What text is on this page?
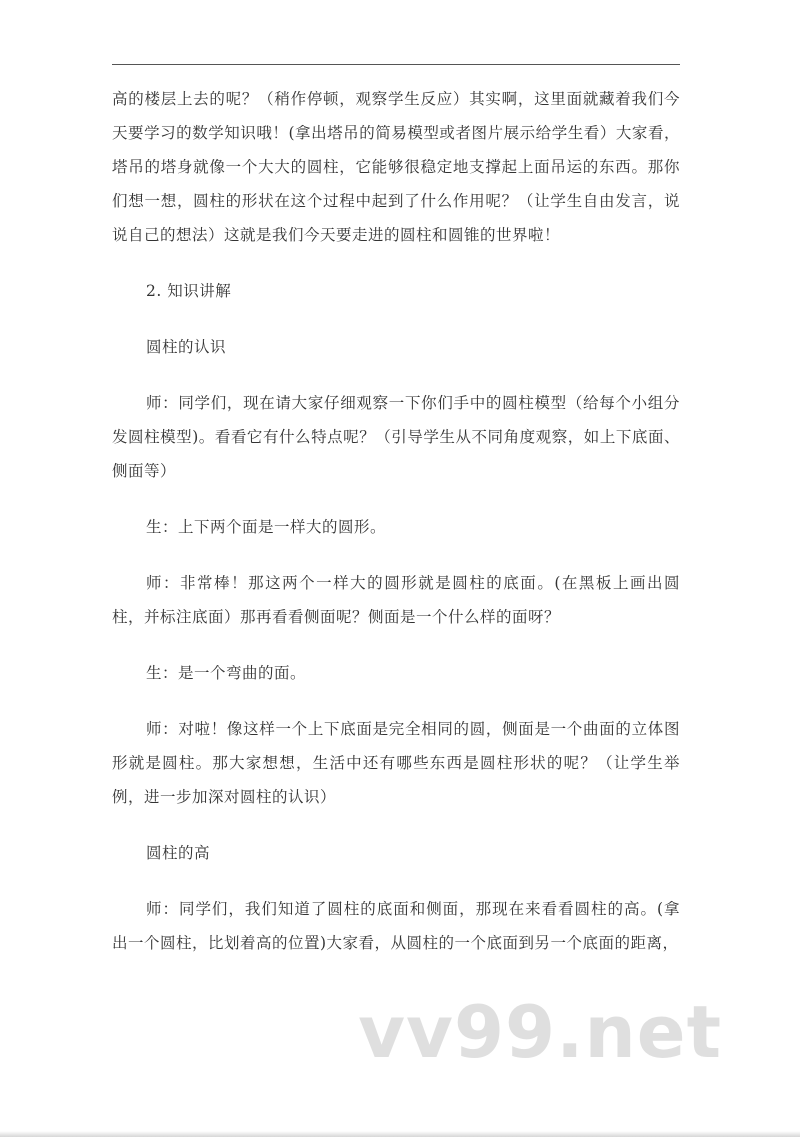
高的楼层上去的呢？（稍作停顿，观察学生反应）其实啊，这里面就藏着我们今天要学习的数学知识哦！(拿出塔吊的简易模型或者图片展示给学生看）大家看，塔吊的塔身就像一个大大的圆柱，它能够很稳定地支撑起上面吊运的东西。那你们想一想，圆柱的形状在这个过程中起到了什么作用呢？（让学生自由发言，说说自己的想法）这就是我们今天要走进的圆柱和圆锥的世界啦！

2. 知识讲解

圆柱的认识

师：同学们，现在请大家仔细观察一下你们手中的圆柱模型（给每个小组分发圆柱模型)。看看它有什么特点呢？（引导学生从不同角度观察，如上下底面、侧面等）

生：上下两个面是一样大的圆形。

师：非常棒！那这两个一样大的圆形就是圆柱的底面。(在黑板上画出圆柱，并标注底面）那再看看侧面呢？侧面是一个什么样的面呀？

生：是一个弯曲的面。

师：对啦！像这样一个上下底面是完全相同的圆，侧面是一个曲面的立体图形就是圆柱。那大家想想，生活中还有哪些东西是圆柱形状的呢？（让学生举例，进一步加深对圆柱的认识）

圆柱的高

师：同学们，我们知道了圆柱的底面和侧面，那现在来看看圆柱的高。(拿出一个圆柱，比划着高的位置)大家看，从圆柱的一个底面到另一个底面的距离，

vv99.net
